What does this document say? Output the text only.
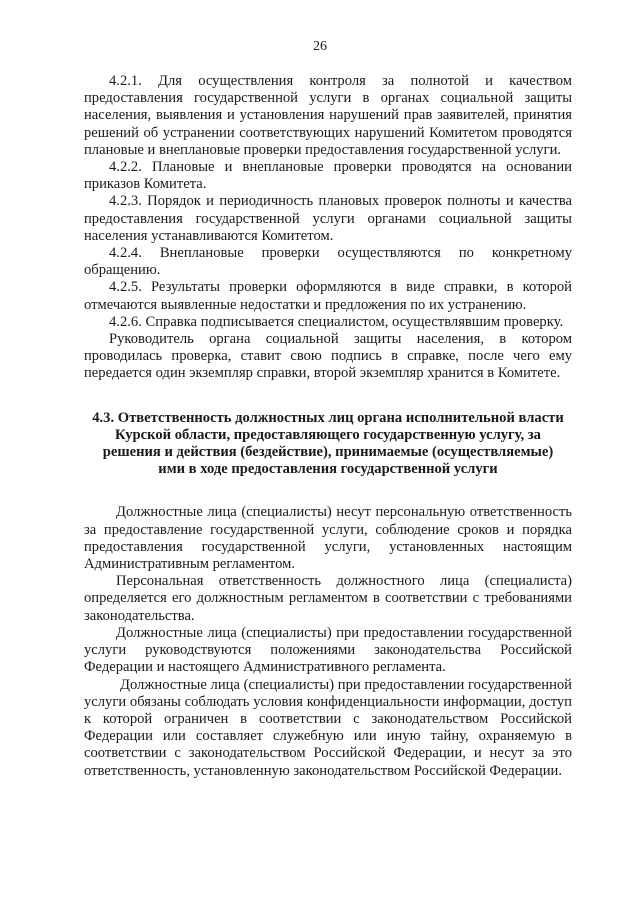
26

4.2.1. Для осуществления контроля за полнотой и качеством предоставления государственной услуги в органах социальной защиты населения, выявления и установления нарушений прав заявителей, принятия решений об устранении соответствующих нарушений Комитетом проводятся плановые и внеплановые проверки предоставления государственной услуги.

4.2.2. Плановые и внеплановые проверки проводятся на основании приказов Комитета.

4.2.3. Порядок и периодичность плановых проверок полноты и качества предоставления государственной услуги органами социальной защиты населения устанавливаются Комитетом.

4.2.4. Внеплановые проверки осуществляются по конкретному обращению.

4.2.5. Результаты проверки оформляются в виде справки, в которой отмечаются выявленные недостатки и предложения по их устранению.

4.2.6. Справка подписывается специалистом, осуществлявшим проверку.

Руководитель органа социальной защиты населения, в котором проводилась проверка, ставит свою подпись в справке, после чего ему передается один экземпляр справки, второй экземпляр хранится в Комитете.

4.3. Ответственность должностных лиц органа исполнительной власти Курской области, предоставляющего государственную услугу, за решения и действия (бездействие), принимаемые (осуществляемые) ими в ходе предоставления государственной услуги

Должностные лица (специалисты) несут персональную ответственность за предоставление государственной услуги, соблюдение сроков и порядка предоставления государственной услуги, установленных настоящим Административным регламентом.

Персональная ответственность должностного лица (специалиста) определяется его должностным регламентом в соответствии с требованиями законодательства.

Должностные лица (специалисты) при предоставлении государственной услуги руководствуются положениями законодательства Российской Федерации и настоящего Административного регламента.

Должностные лица (специалисты) при предоставлении государственной услуги обязаны соблюдать условия конфиденциальности информации, доступ к которой ограничен в соответствии с законодательством Российской Федерации или составляет служебную или иную тайну, охраняемую в соответствии с законодательством Российской Федерации, и несут за это ответственность, установленную законодательством Российской Федерации.
